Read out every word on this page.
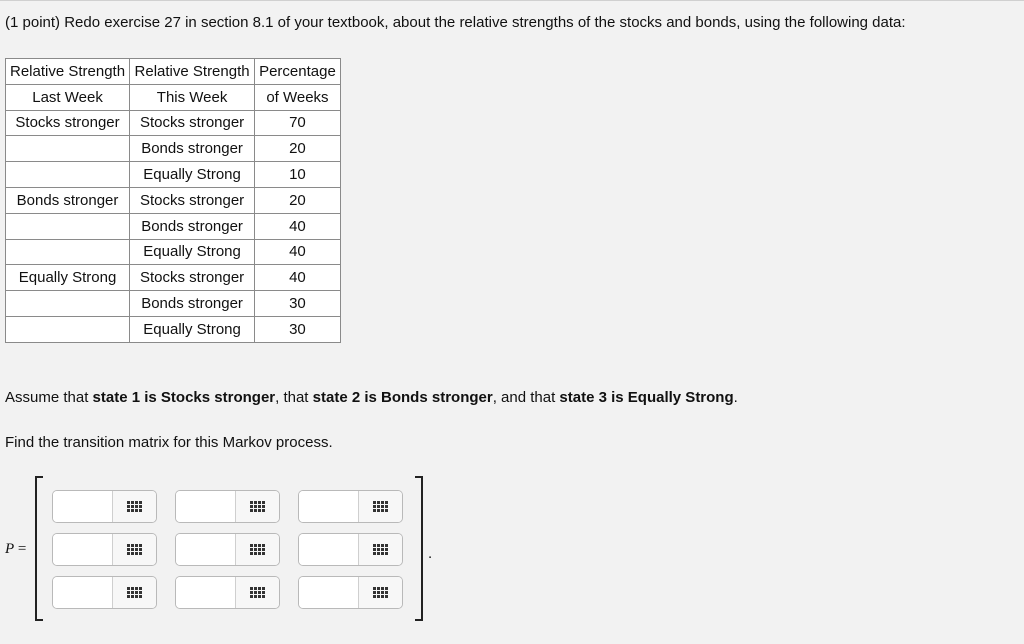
(1 point) Redo exercise 27 in section 8.1 of your textbook, about the relative strengths of the stocks and bonds, using the following data:
Relative Strength	Relative Strength	Percentage
Last Week	This Week	of Weeks
Stocks stronger	Stocks stronger	70
	Bonds stronger	20
	Equally Strong	10
Bonds stronger	Stocks stronger	20
	Bonds stronger	40
	Equally Strong	40
Equally Strong	Stocks stronger	40
	Bonds stronger	30
	Equally Strong	30
Assume that state 1 is Stocks stronger, that state 2 is Bonds stronger, and that state 3 is Equally Strong.
Find the transition matrix for this Markov process.
P =	.
